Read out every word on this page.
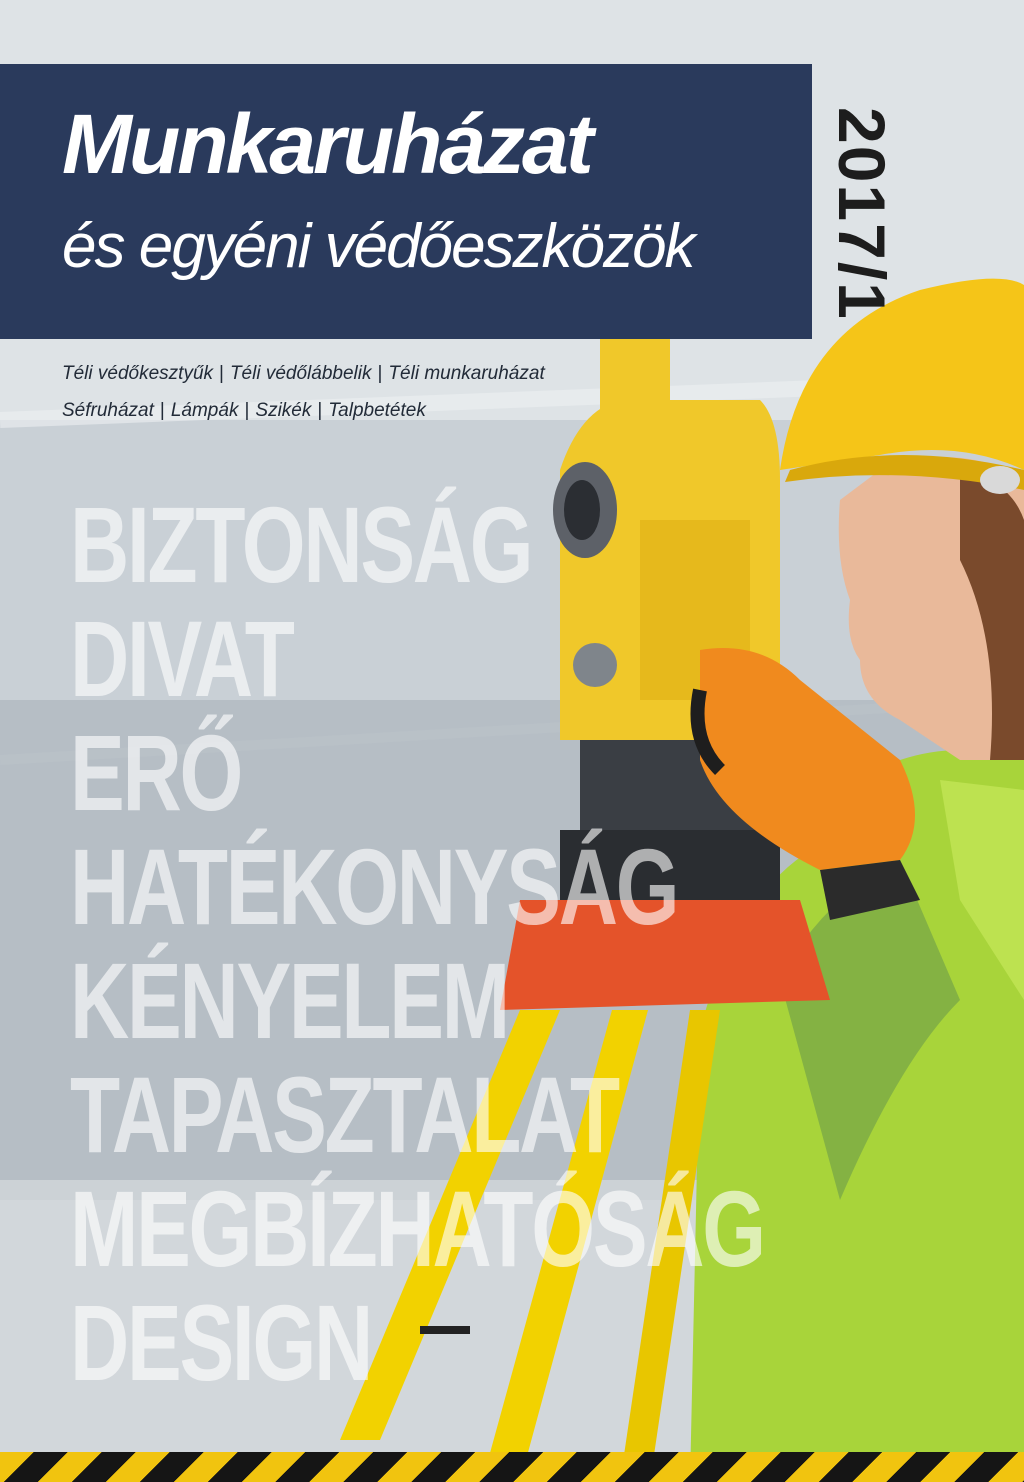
Munkaruházat
és egyéni védőeszközök 2017/1
Téli védőkesztyűk | Téli védőlábbelik | Téli munkaruházat
Séfruházat | Lámpák | Szikék | Talpbetétek
BIZTONSÁG
DIVAT
ERŐ
HATÉKONYSÁG
KÉNYELEM
TAPASZTALAT
MEGBÍZHATÓSÁG
DESIGN
